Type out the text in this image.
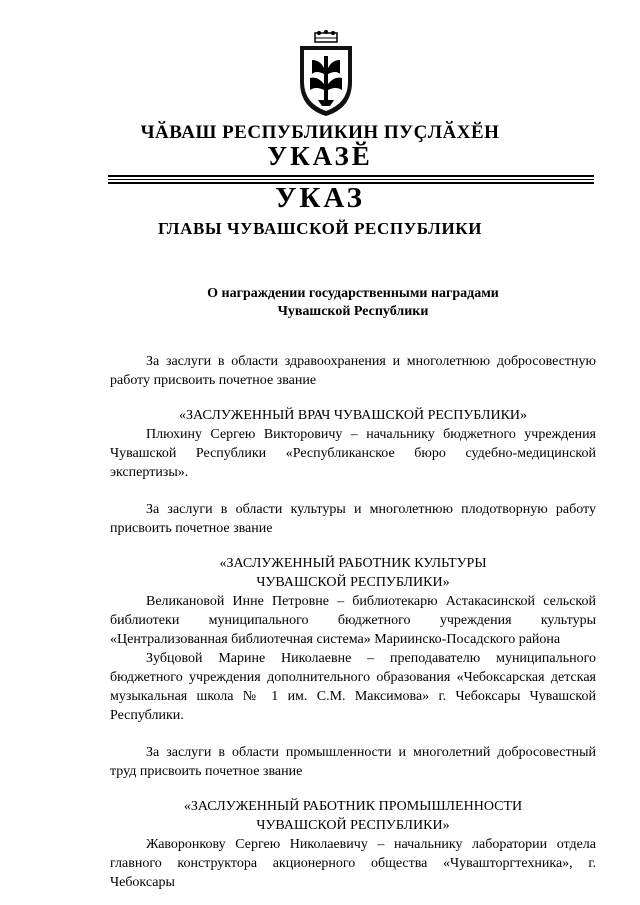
ЧӐВАШ РЕСПУБЛИКИН ПУҪЛӐХӖН
УКАЗӖ
УКАЗ
ГЛАВЫ ЧУВАШСКОЙ РЕСПУБЛИКИ
О награждении государственными наградами
Чувашской Республики

За заслуги в области здравоохранения и многолетнюю добросовестную работу присвоить почетное звание

«ЗАСЛУЖЕННЫЙ ВРАЧ ЧУВАШСКОЙ РЕСПУБЛИКИ»

Плюхину Сергею Викторовичу – начальнику бюджетного учреждения Чувашской Республики «Республиканское бюро судебно-медицинской экспертизы».

За заслуги в области культуры и многолетнюю плодотворную работу присвоить почетное звание

«ЗАСЛУЖЕННЫЙ РАБОТНИК КУЛЬТУРЫ
ЧУВАШСКОЙ РЕСПУБЛИКИ»

Великановой Инне Петровне – библиотекарю Астакасинской сельской библиотеки муниципального бюджетного учреждения культуры «Централизованная библиотечная система» Мариинско-Посадского района

Зубцовой Марине Николаевне – преподавателю муниципального бюджетного учреждения дополнительного образования «Чебоксарская детская музыкальная школа № 1 им. С.М. Максимова» г. Чебоксары Чувашской Республики.

За заслуги в области промышленности и многолетний добросовестный труд присвоить почетное звание

«ЗАСЛУЖЕННЫЙ РАБОТНИК ПРОМЫШЛЕННОСТИ
ЧУВАШСКОЙ РЕСПУБЛИКИ»

Жаворонкову Сергею Николаевичу – начальнику лаборатории отдела главного конструктора акционерного общества «Чувашторгтехника», г. Чебоксары
